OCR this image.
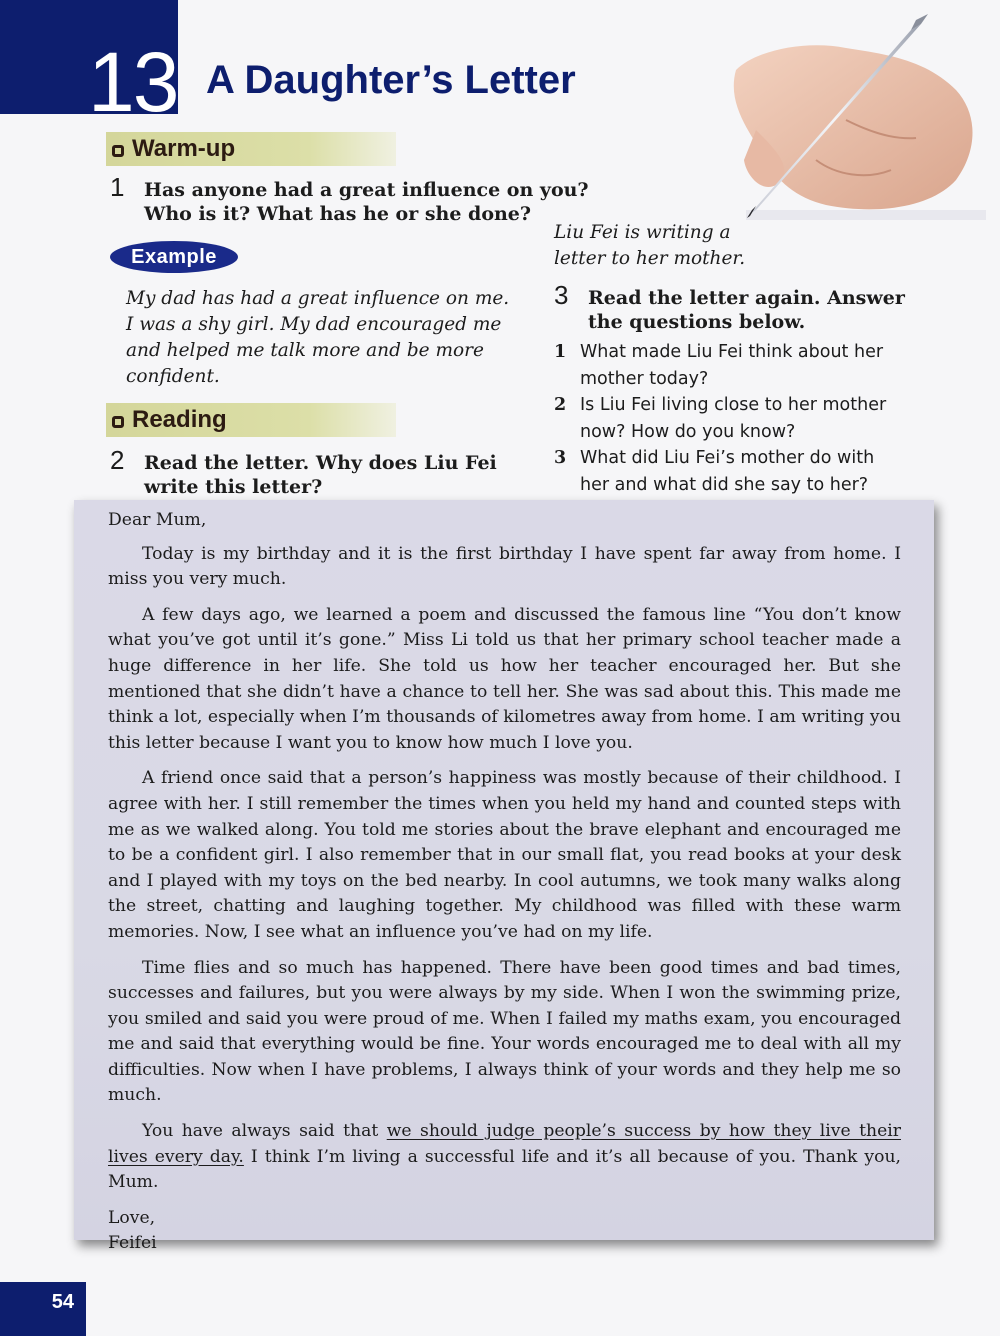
13 A Daughter’s Letter
Warm-up
1 Has anyone had a great influence on you?
Who is it? What has he or she done?
Example
My dad has had a great influence on me.
I was a shy girl. My dad encouraged me
and helped me talk more and be more
confident.
Reading
2 Read the letter. Why does Liu Fei
write this letter?
Liu Fei is writing a
letter to her mother.
3 Read the letter again. Answer
the questions below.
1 What made Liu Fei think about her
mother today?
2 Is Liu Fei living close to her mother
now? How do you know?
3 What did Liu Fei’s mother do with
her and what did she say to her?

Dear Mum,

Today is my birthday and it is the first birthday I have spent far away from home. I miss you very much.

A few days ago, we learned a poem and discussed the famous line “You don’t know what you’ve got until it’s gone.” Miss Li told us that her primary school teacher made a huge difference in her life. She told us how her teacher encouraged her. But she mentioned that she didn’t have a chance to tell her. She was sad about this. This made me think a lot, especially when I’m thousands of kilometres away from home. I am writing you this letter because I want you to know how much I love you.

A friend once said that a person’s happiness was mostly because of their childhood. I agree with her. I still remember the times when you held my hand and counted steps with me as we walked along. You told me stories about the brave elephant and encouraged me to be a confident girl. I also remember that in our small flat, you read books at your desk and I played with my toys on the bed nearby. In cool autumns, we took many walks along the street, chatting and laughing together. My childhood was filled with these warm memories. Now, I see what an influence you’ve had on my life.

Time flies and so much has happened. There have been good times and bad times, successes and failures, but you were always by my side. When I won the swimming prize, you smiled and said you were proud of me. When I failed my maths exam, you encouraged me and said that everything would be fine. Your words encouraged me to deal with all my difficulties. Now when I have problems, I always think of your words and they help me so much.

You have always said that we should judge people’s success by how they live their lives every day. I think I’m living a successful life and it’s all because of you. Thank you, Mum.

Love,

Feifei

54
